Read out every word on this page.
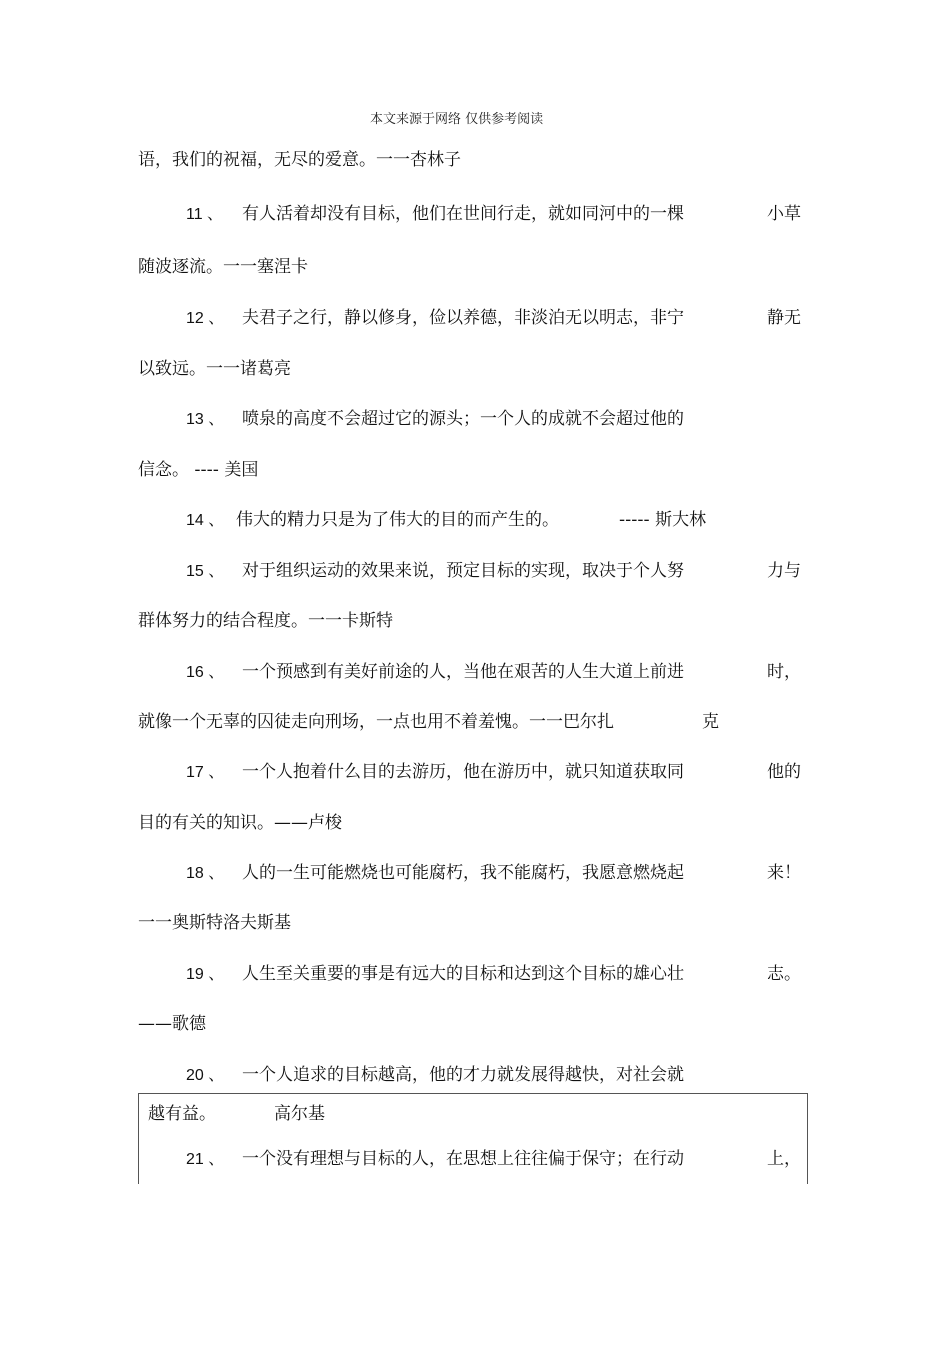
本文来源于网络 仅供参考阅读
语，我们的祝福，无尽的爱意。一一杏林子
11 、 有人活着却没有目标，他们在世间行走，就如同河中的一棵	小草
随波逐流。一一塞涅卡
12 、 夫君子之行，静以修身，俭以养德，非淡泊无以明志，非宁	静无
以致远。一一诸葛亮
13 、 喷泉的高度不会超过它的源头；一个人的成就不会超过他的
信念。 ---- 美国
14 、 伟大的精力只是为了伟大的目的而产生的。	----- 斯大林
15 、 对于组织运动的效果来说，预定目标的实现，取决于个人努	力与
群体努力的结合程度。一一卡斯特
16 、 一个预感到有美好前途的人，当他在艰苦的人生大道上前进	时，
就像一个无辜的囚徒走向刑场，一点也用不着羞愧。一一巴尔扎	克
17 、 一个人抱着什么目的去游历，他在游历中，就只知道获取同	他的
目的有关的知识。——卢梭
18 、 人的一生可能燃烧也可能腐朽，我不能腐朽，我愿意燃烧起	来！
一一奥斯特洛夫斯基
19 、 人生至关重要的事是有远大的目标和达到这个目标的雄心壮	志。
——歌德
20 、 一个人追求的目标越高，他的才力就发展得越快，对社会就
越有益。	高尔基
21 、 一个没有理想与目标的人，在思想上往往偏于保守；在行动	上，
